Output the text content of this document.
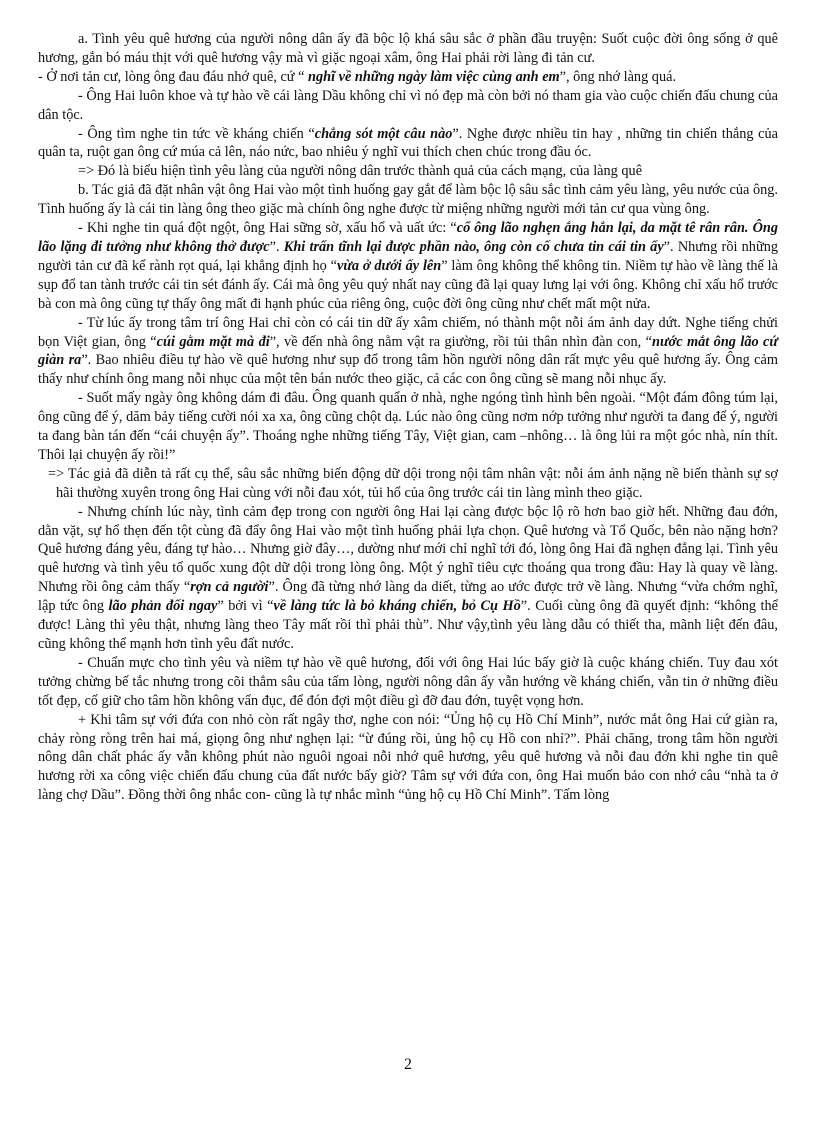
a. Tình yêu quê hương của người nông dân ấy đã bộc lộ khá sâu sắc ở phần đầu truyện: Suốt cuộc đời ông sống ở quê hương, gắn bó máu thịt với quê hương vậy mà vì giặc ngoại xâm, ông Hai phải rời làng đi tản cư.

- Ở nơi tản cư, lòng ông đau đáu nhớ quê, cứ “ nghĩ về những ngày làm việc cùng anh em”, ông nhớ làng quá.

- Ông Hai luôn khoe và tự hào về cái làng Dầu không chỉ vì nó đẹp mà còn bởi nó tham gia vào cuộc chiến đấu chung của dân tộc.

- Ông tìm nghe tin tức về kháng chiến “chẳng sót một câu nào”. Nghe được nhiều tin hay , những tin chiến thắng của quân ta, ruột gan ông cứ múa cả lên, náo nức, bao nhiêu ý nghĩ vui thích chen chúc trong đầu óc.

=> Đó là biểu hiện tình yêu làng của người nông dân trước thành quả của cách mạng, của làng quê

b. Tác giả đã đặt nhân vật ông Hai vào một tình huống gay gắt để làm bộc lộ sâu sắc tình cảm yêu làng, yêu nước của ông. Tình huống ấy là cái tin làng ông theo giặc mà chính ông nghe được từ miệng những người mới tản cư qua vùng ông.

- Khi nghe tin quá đột ngột, ông Hai sững sờ, xấu hổ và uất ức: “cổ ông lão nghẹn ắng hẳn lại, da mặt tê rân rân. Ông lão lặng đi tưởng như không thở được”. Khi trấn tĩnh lại được phần nào, ông còn cố chưa tin cái tin ấy”. Nhưng rồi những người tản cư đã kể rành rọt quá, lại khẳng định họ “vừa ở dưới ấy lên” làm ông không thể không tin. Niềm tự hào về làng thế là sụp đổ tan tành trước cái tin sét đánh ấy. Cái mà ông yêu quý nhất nay cũng đã lại quay lưng lại với ông. Không chỉ xấu hổ trước bà con mà ông cũng tự thấy ông mất đi hạnh phúc của riêng ông, cuộc đời ông cũng như chết mất một nửa.

- Từ lúc ấy trong tâm trí ông Hai chỉ còn có cái tin dữ ấy xâm chiếm, nó thành một nỗi ám ảnh day dứt. Nghe tiếng chửi bọn Việt gian, ông “cúi gằm mặt mà đi”, về đến nhà ông nằm vật ra giường, rồi tủi thân nhìn đàn con, “nước mắt ông lão cứ giàn ra”. Bao nhiêu điều tự hào về quê hương như sụp đổ trong tâm hồn người nông dân rất mực yêu quê hương ấy. Ông cảm thấy như chính ông mang nỗi nhục của một tên bán nước theo giặc, cả các con ông cũng sẽ mang nỗi nhục ấy.

- Suốt mấy ngày ông không dám đi đâu. Ông quanh quẩn ở nhà, nghe ngóng tình hình bên ngoài. “Một đám đông túm lại, ông cũng để ý, dăm bảy tiếng cười nói xa xa, ông cũng chột dạ. Lúc nào ông cũng nơm nớp tưởng như người ta đang để ý, người ta đang bàn tán đến “cái chuyện ấy”. Thoáng nghe những tiếng Tây, Việt gian, cam –nhông… là ông lủi ra một góc nhà, nín thít. Thôi lại chuyện ấy rồi!”

=> Tác giả đã diễn tả rất cụ thể, sâu sắc những biến động dữ dội trong nội tâm nhân vật: nỗi ám ảnh nặng nề biến thành sự sợ hãi thường xuyên trong ông Hai cùng với nỗi đau xót, tủi hổ của ông trước cái tin làng mình theo giặc.

- Nhưng chính lúc này, tình cảm đẹp trong con người ông Hai lại càng được bộc lộ rõ hơn bao giờ hết. Những đau đớn, dằn vặt, sự hổ thẹn đến tột cùng đã đẩy ông Hai vào một tình huống phải lựa chọn. Quê hương và Tổ Quốc, bên nào nặng hơn? Quê hương đáng yêu, đáng tự hào… Nhưng giờ đây…, dường như mới chỉ nghĩ tới đó, lòng ông Hai đã nghẹn đắng lại. Tình yêu quê hương và tình yêu tổ quốc xung đột dữ dội trong lòng ông. Một ý nghĩ tiêu cực thoáng qua trong đầu: Hay là quay về làng. Nhưng rồi ông cảm thấy “rợn cả người”. Ông đã từng nhớ làng da diết, từng ao ước được trở về làng. Nhưng “vừa chớm nghĩ, lập tức ông lão phản đối ngay” bởi vì “về làng tức là bỏ kháng chiến, bỏ Cụ Hồ”. Cuối cùng ông đã quyết định: “không thể được! Làng thì yêu thật, nhưng làng theo Tây mất rồi thì phải thù”. Như vậy,tình yêu làng dẫu có thiết tha, mãnh liệt đến đâu, cũng không thể mạnh hơn tình yêu đất nước.

- Chuẩn mực cho tình yêu và niềm tự hào về quê hương, đối với ông Hai lúc bấy giờ là cuộc kháng chiến. Tuy đau xót tưởng chừng bế tắc nhưng trong cõi thẳm sâu của tấm lòng, người nông dân ấy vẫn hướng về kháng chiến, vẫn tin ở những điều tốt đẹp, cố giữ cho tâm hồn không vẩn đục, để đón đợi một điều gì đỡ đau đớn, tuyệt vọng hơn.

+ Khi tâm sự với đứa con nhỏ còn rất ngây thơ, nghe con nói: “Ủng hộ cụ Hồ Chí Minh”, nước mắt ông Hai cứ giàn ra, chảy ròng ròng trên hai má, giọng ông như nghẹn lại: “ừ đúng rồi, ủng hộ cụ Hồ con nhỉ?”. Phải chăng, trong tâm hồn người nông dân chất phác ấy vẫn không phút nào nguôi ngoai nỗi nhớ quê hương, yêu quê hương và nỗi đau đớn khi nghe tin quê hương rời xa công việc chiến đấu chung của đất nước bấy giờ? Tâm sự với đứa con, ông Hai muốn bảo con nhớ câu “nhà ta ở làng chợ Dầu”. Đồng thời ông nhắc con- cũng là tự nhắc mình “ủng hộ cụ Hồ Chí Minh”. Tấm lòng

2
